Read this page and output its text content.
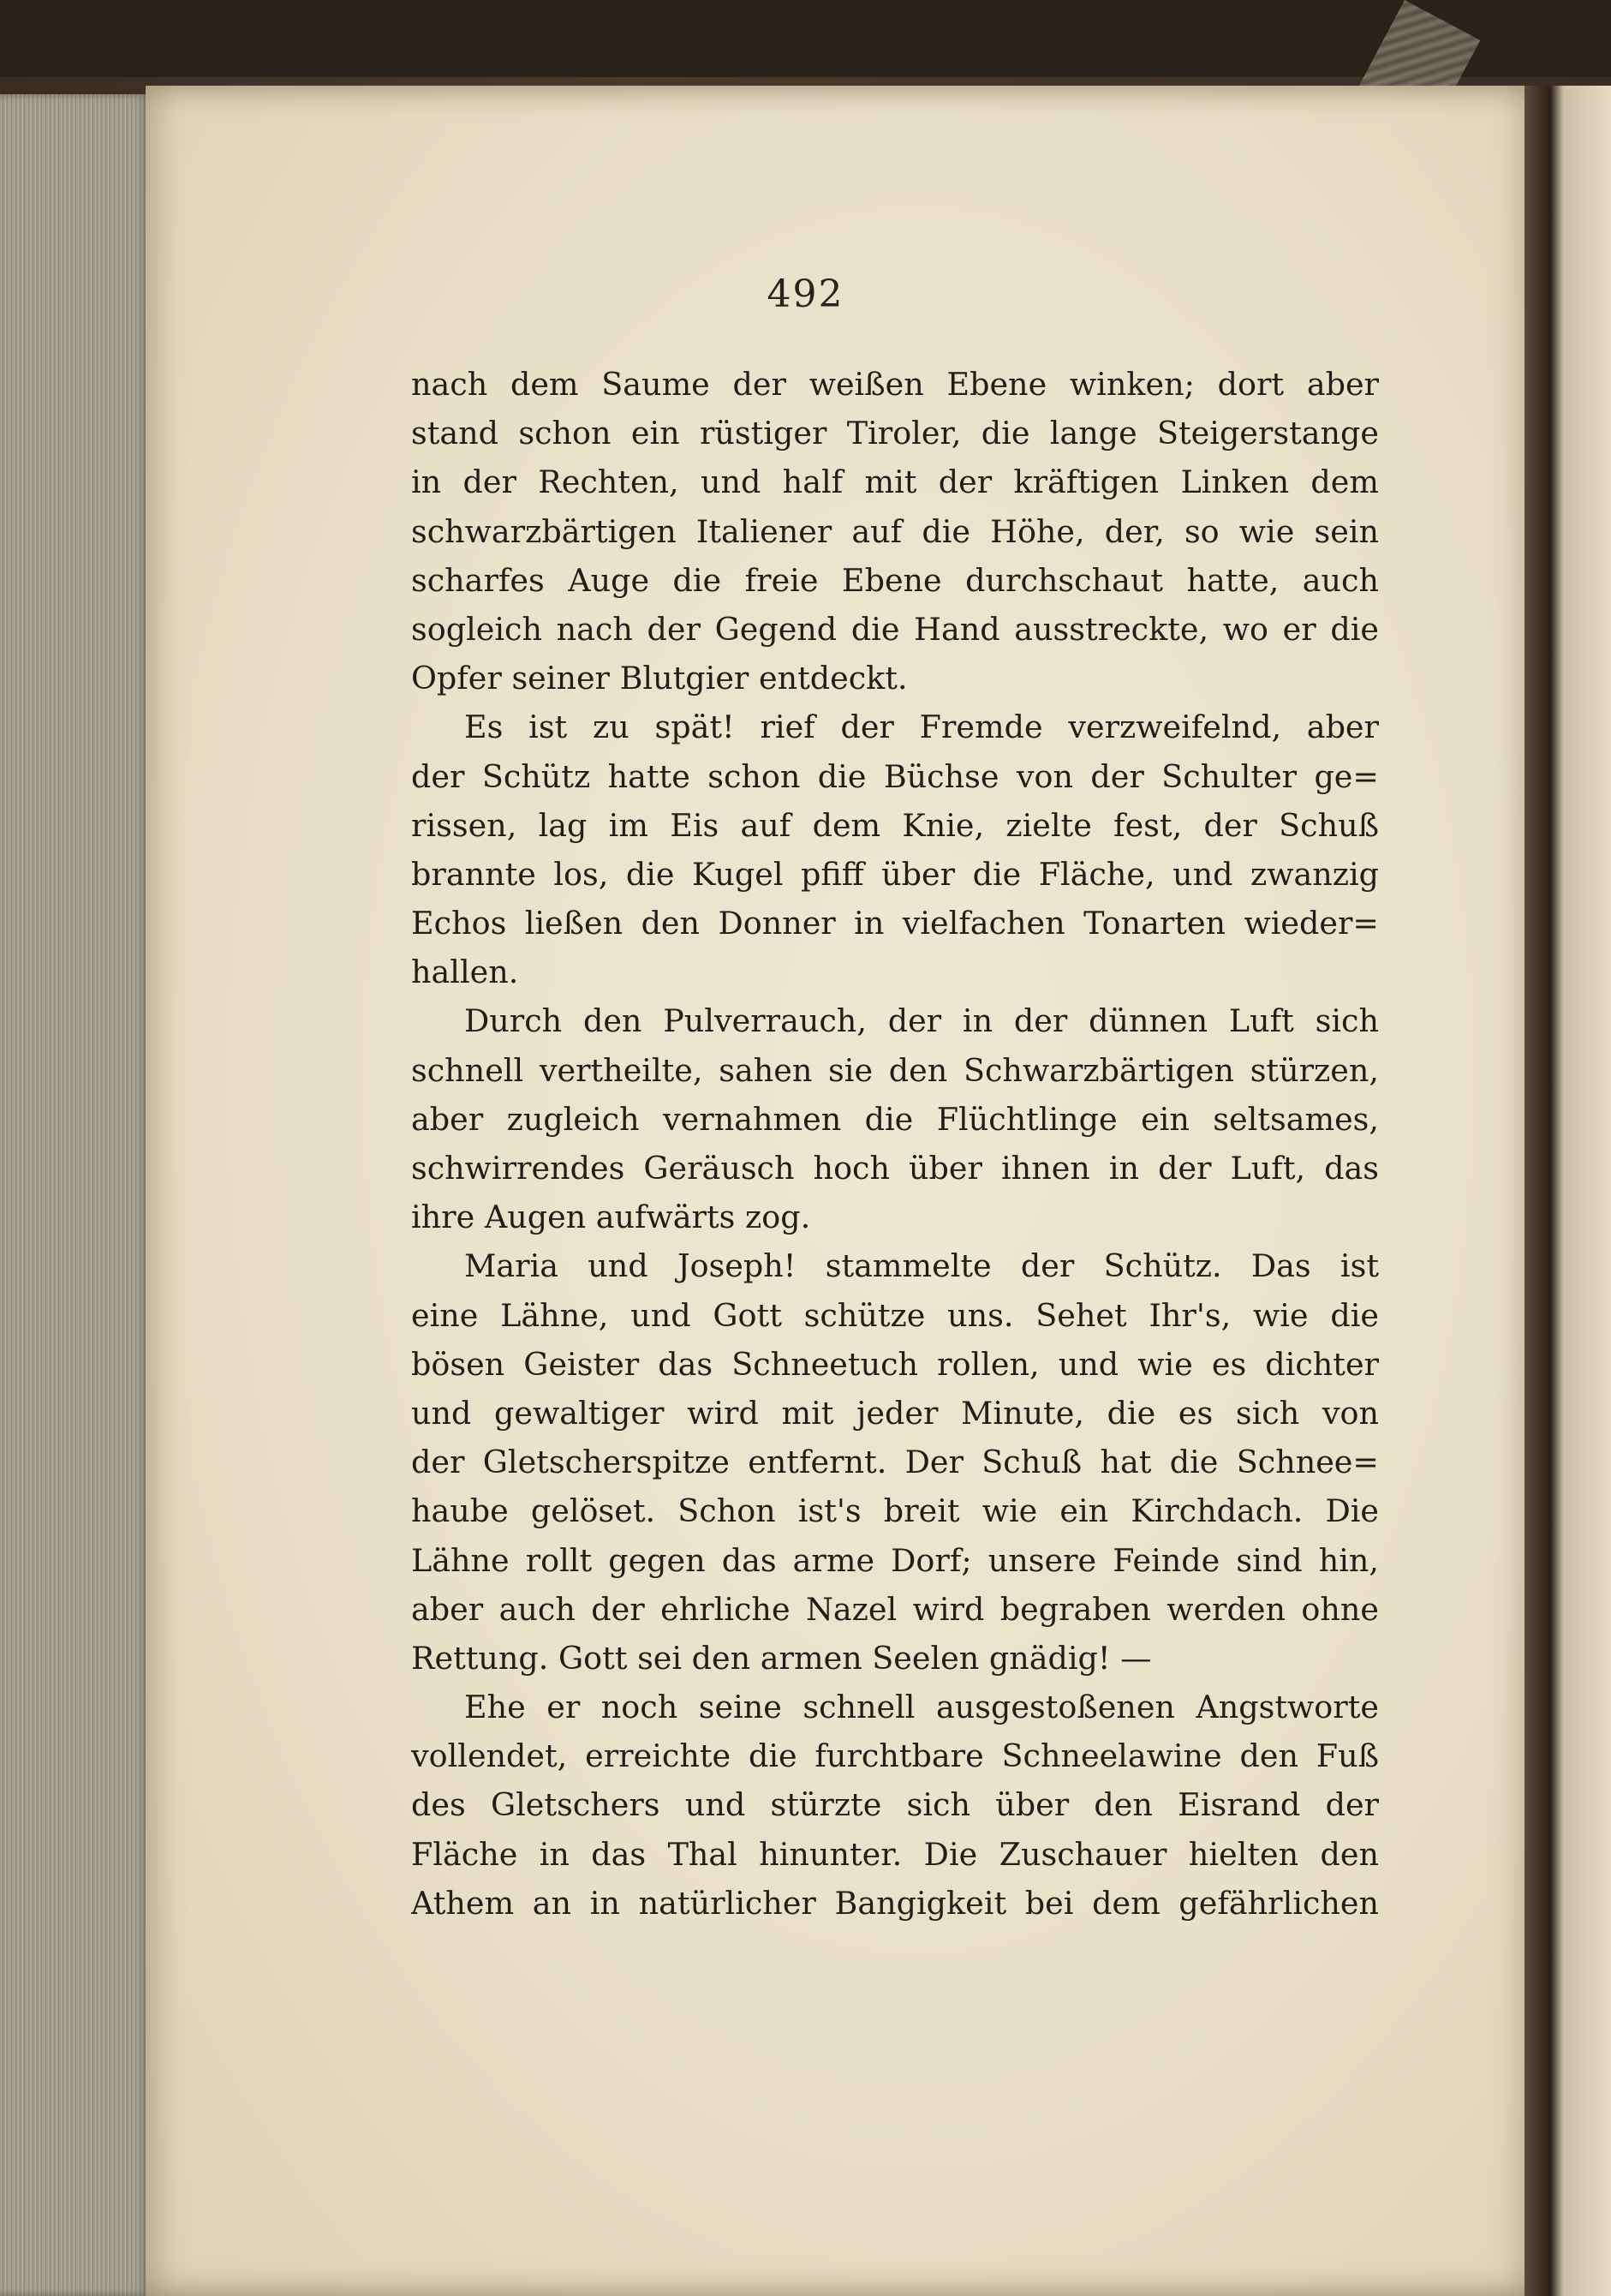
492
nach dem Saume der weißen Ebene winken; dort aber
stand schon ein rüstiger Tiroler, die lange Steigerstange
in der Rechten, und half mit der kräftigen Linken dem
schwarzbärtigen Italiener auf die Höhe, der, so wie sein
scharfes Auge die freie Ebene durchschaut hatte, auch
sogleich nach der Gegend die Hand ausstreckte, wo er die
Opfer seiner Blutgier entdeckt.
Es ist zu spät! rief der Fremde verzweifelnd, aber
der Schütz hatte schon die Büchse von der Schulter ge=
rissen, lag im Eis auf dem Knie, zielte fest, der Schuß
brannte los, die Kugel pfiff über die Fläche, und zwanzig
Echos ließen den Donner in vielfachen Tonarten wieder=
hallen.
Durch den Pulverrauch, der in der dünnen Luft sich
schnell vertheilte, sahen sie den Schwarzbärtigen stürzen,
aber zugleich vernahmen die Flüchtlinge ein seltsames,
schwirrendes Geräusch hoch über ihnen in der Luft, das
ihre Augen aufwärts zog.
Maria und Joseph! stammelte der Schütz. Das ist
eine Lähne, und Gott schütze uns. Sehet Ihr's, wie die
bösen Geister das Schneetuch rollen, und wie es dichter
und gewaltiger wird mit jeder Minute, die es sich von
der Gletscherspitze entfernt. Der Schuß hat die Schnee=
haube gelöset. Schon ist's breit wie ein Kirchdach. Die
Lähne rollt gegen das arme Dorf; unsere Feinde sind hin,
aber auch der ehrliche Nazel wird begraben werden ohne
Rettung. Gott sei den armen Seelen gnädig! —
Ehe er noch seine schnell ausgestoßenen Angstworte
vollendet, erreichte die furchtbare Schneelawine den Fuß
des Gletschers und stürzte sich über den Eisrand der
Fläche in das Thal hinunter. Die Zuschauer hielten den
Athem an in natürlicher Bangigkeit bei dem gefährlichen
